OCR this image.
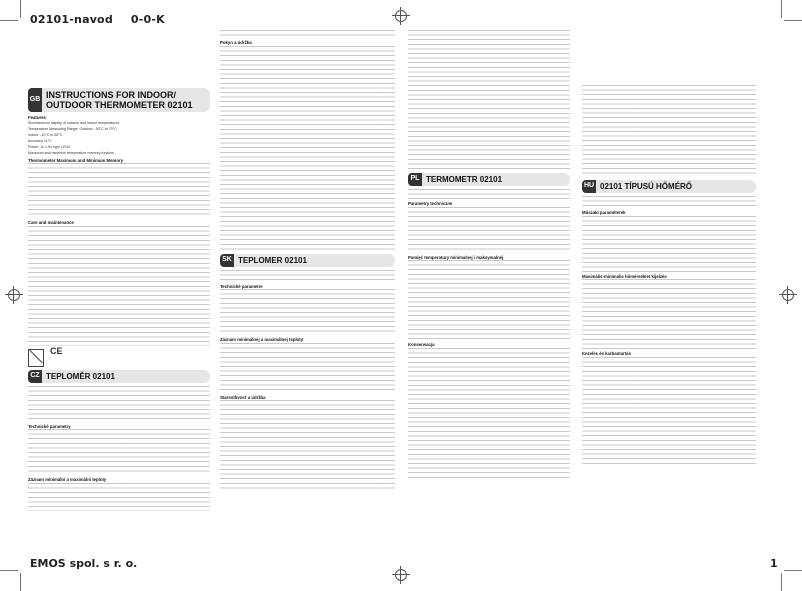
02101-navod 0-0-K
GB INSTRUCTIONS FOR INDOOR/ OUTDOOR THERMOMETER 02101
Features

Simultaneous display of outdoor and indoor temperatures

Temperature Measuring Range: Outdoor: -50°C to 70°C

Indoor: -10°C to 50°C

Accuracy ±1°C

Power: 1x 1,5V type LR44

Maximum and minimum temperature memory function.

Thermometer Maximum and Minimum Memory
Care and maintenance
CE
CZ TEPLOMĚR 02101
Technické parametry
Záznam minimální a maximální teploty
Pokyn a údržba
SK TEPLOMER 02101
Technické parametre
Záznam minimálnej a maximálnej teploty
Starostlivosť a údržba
PL TERMOMETR 02101
Parametry techniczne
Pamięć temperatury minimalnej i maksymalnej
Konserwacja
HU 02101 TÍPUSÚ HŐMÉRŐ
Műszaki paraméterek
Maximális-minimális hőmérséklet kijelzés
Kezelés és karbantartás
EMOS spol. s r. o.	1
